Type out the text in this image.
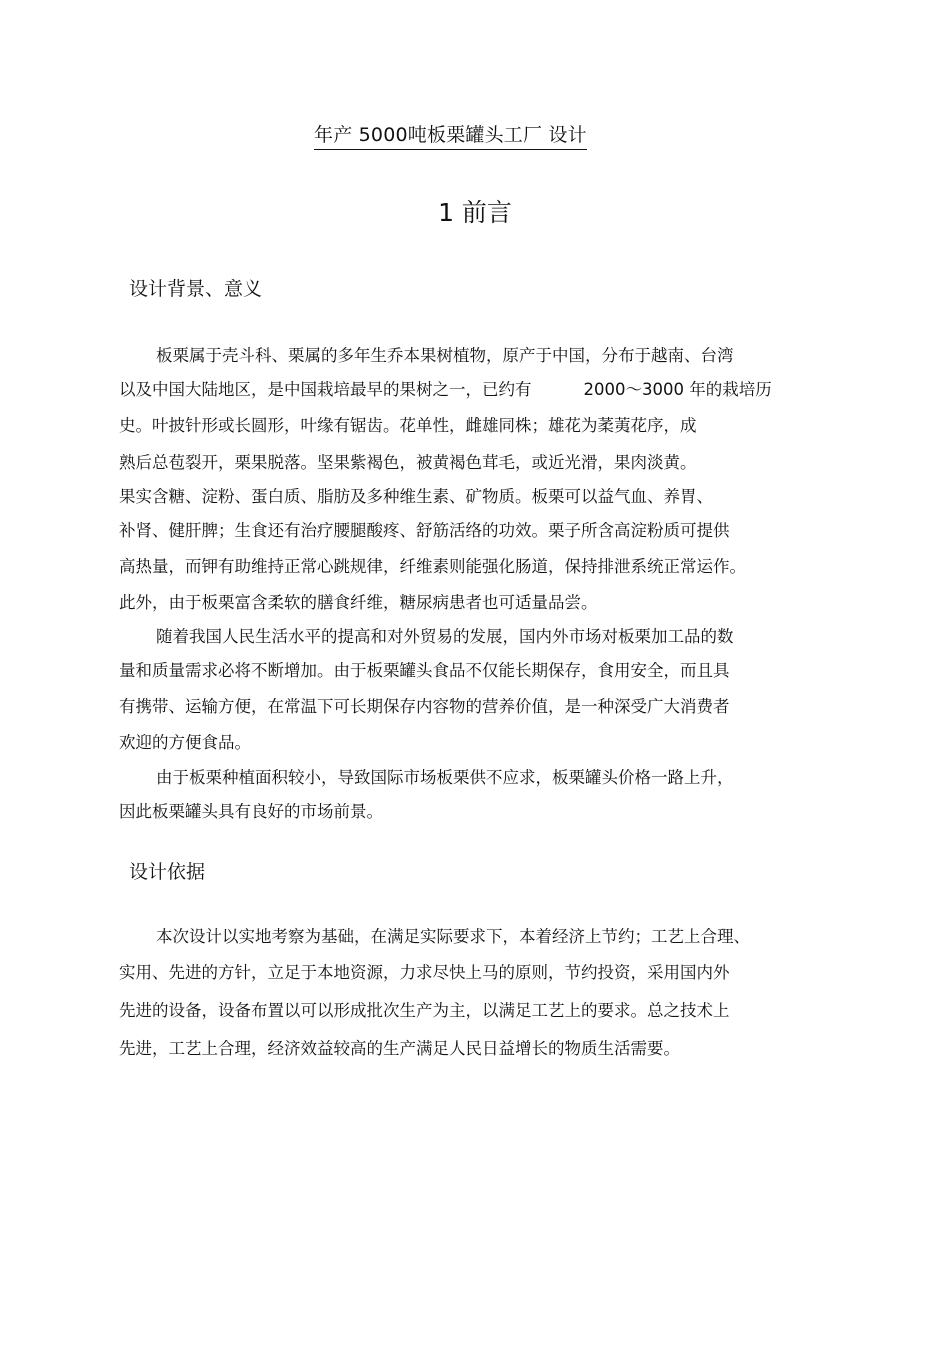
年产 5000吨板栗罐头工厂 设计
1 前言
设计背景、意义
板栗属于壳斗科、栗属的多年生乔本果树植物，原产于中国，分布于越南、台湾
以及中国大陆地区，是中国栽培最早的果树之一，已约有	2000～3000 年的栽培历
史。叶披针形或长圆形，叶缘有锯齿。花单性，雌雄同株；雄花为葇荑花序，成
熟后总苞裂开，栗果脱落。坚果紫褐色，被黄褐色茸毛，或近光滑，果肉淡黄。
果实含糖、淀粉、蛋白质、脂肪及多种维生素、矿物质。板栗可以益气血、养胃、
补肾、健肝脾；生食还有治疗腰腿酸疼、舒筋活络的功效。栗子所含高淀粉质可提供
高热量，而钾有助维持正常心跳规律，纤维素则能强化肠道，保持排泄系统正常运作。
此外，由于板栗富含柔软的膳食纤维，糖尿病患者也可适量品尝。
随着我国人民生活水平的提高和对外贸易的发展，国内外市场对板栗加工品的数
量和质量需求必将不断增加。由于板栗罐头食品不仅能长期保存，食用安全，而且具
有携带、运输方便，在常温下可长期保存内容物的营养价值，是一种深受广大消费者
欢迎的方便食品。
由于板栗种植面积较小，导致国际市场板栗供不应求，板栗罐头价格一路上升，
因此板栗罐头具有良好的市场前景。
设计依据
本次设计以实地考察为基础，在满足实际要求下，本着经济上节约；工艺上合理、
实用、先进的方针，立足于本地资源，力求尽快上马的原则，节约投资，采用国内外
先进的设备，设备布置以可以形成批次生产为主，以满足工艺上的要求。总之技术上
先进，工艺上合理，经济效益较高的生产满足人民日益增长的物质生活需要。
